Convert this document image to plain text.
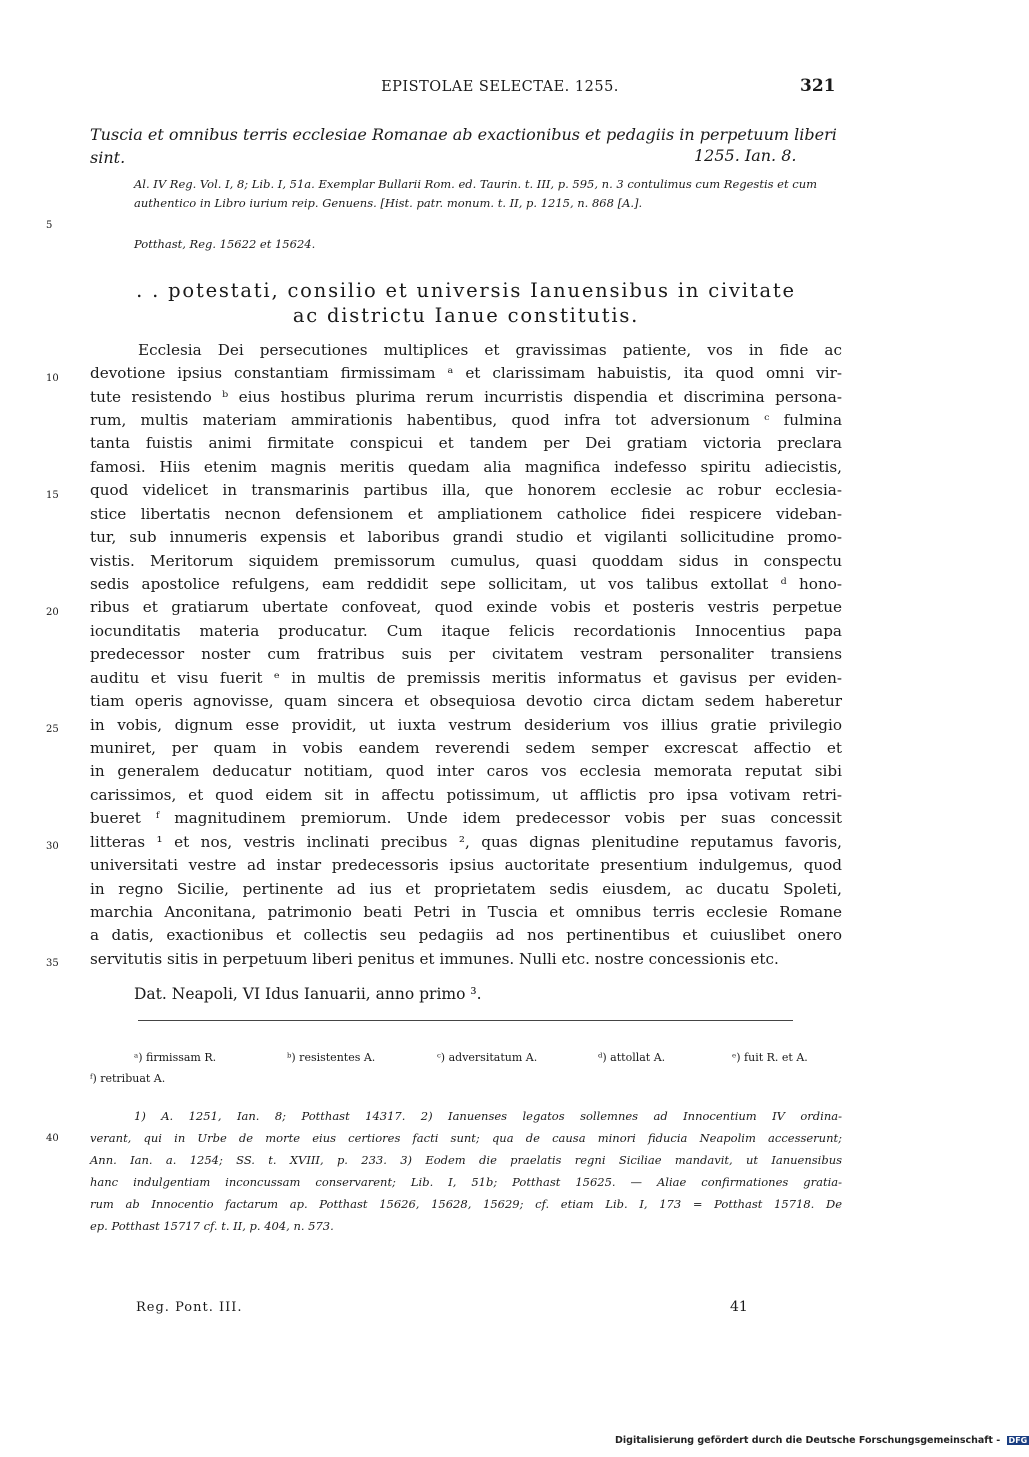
EPISTOLAE SELECTAE. 1255.	321
Tuscia et omnibus terris ecclesiae Romanae ab exactionibus et pedagiis in perpetuum liberi sint.	1255. Ian. 8.
Al. IV Reg. Vol. I, 8; Lib. I, 51a. Exemplar Bullarii Rom. ed. Taurin. t. III, p. 595, n. 3 contulimus cum Regestis et cum authentico in Libro iurium reip. Genuens. [Hist. patr. monum. t. II, p. 1215, n. 868 [A.].
Potthast, Reg. 15622 et 15624.
5
10
15
20
25
30
35
40
. . potestati, consilio et universis Ianuensibus in civitate
ac districtu Ianue constitutis.
Ecclesia Dei persecutiones multiplices et gravissimas patiente, vos in fide ac
devotione ipsius constantiam firmissimam ᵃ et clarissimam habuistis, ita quod omni vir-
tute resistendo ᵇ eius hostibus plurima rerum incurristis dispendia et discrimina persona-
rum, multis materiam ammirationis habentibus, quod infra tot adversionum ᶜ fulmina
tanta fuistis animi firmitate conspicui et tandem per Dei gratiam victoria preclara
famosi. Hiis etenim magnis meritis quedam alia magnifica indefesso spiritu adiecistis,
quod videlicet in transmarinis partibus illa, que honorem ecclesie ac robur ecclesia-
stice libertatis necnon defensionem et ampliationem catholice fidei respicere videban-
tur, sub innumeris expensis et laboribus grandi studio et vigilanti sollicitudine promo-
vistis. Meritorum siquidem premissorum cumulus, quasi quoddam sidus in conspectu
sedis apostolice refulgens, eam reddidit sepe sollicitam, ut vos talibus extollat ᵈ hono-
ribus et gratiarum ubertate confoveat, quod exinde vobis et posteris vestris perpetue
iocunditatis materia producatur. Cum itaque felicis recordationis Innocentius papa
predecessor noster cum fratribus suis per civitatem vestram personaliter transiens
auditu et visu fuerit ᵉ in multis de premissis meritis informatus et gavisus per eviden-
tiam operis agnovisse, quam sincera et obsequiosa devotio circa dictam sedem haberetur
in vobis, dignum esse providit, ut iuxta vestrum desiderium vos illius gratie privilegio
muniret, per quam in vobis eandem reverendi sedem semper excrescat affectio et
in generalem deducatur notitiam, quod inter caros vos ecclesia memorata reputat sibi
carissimos, et quod eidem sit in affectu potissimum, ut afflictis pro ipsa votivam retri-
bueret ᶠ magnitudinem premiorum. Unde idem predecessor vobis per suas concessit
litteras ¹ et nos, vestris inclinati precibus ², quas dignas plenitudine reputamus favoris,
universitati vestre ad instar predecessoris ipsius auctoritate presentium indulgemus, quod
in regno Sicilie, pertinente ad ius et proprietatem sedis eiusdem, ac ducatu Spoleti,
marchia Anconitana, patrimonio beati Petri in Tuscia et omnibus terris ecclesie Romane
a datis, exactionibus et collectis seu pedagiis ad nos pertinentibus et cuiuslibet onero
servitutis sitis in perpetuum liberi penitus et immunes. Nulli etc. nostre concessionis etc.
Dat. Neapoli, VI Idus Ianuarii, anno primo ³.
ᵃ) firmissam R.	ᵇ) resistentes A.	ᶜ) adversitatum A.	ᵈ) attollat A.	ᵉ) fuit R. et A.
ᶠ) retribuat A.
1) A. 1251, Ian. 8; Potthast 14317. 2) Ianuenses legatos sollemnes ad Innocentium IV ordina-
verant, qui in Urbe de morte eius certiores facti sunt; qua de causa minori fiducia Neapolim accesserunt;
Ann. Ian. a. 1254; SS. t. XVIII, p. 233. 3) Eodem die praelatis regni Siciliae mandavit, ut Ianuensibus
hanc indulgentiam inconcussam conservarent; Lib. I, 51b; Potthast 15625. — Aliae confirmationes gratia-
rum ab Innocentio factarum ap. Potthast 15626, 15628, 15629; cf. etiam Lib. I, 173 = Potthast 15718. De
ep. Potthast 15717 cf. t. II, p. 404, n. 573.
Reg. Pont. III.	41
Digitalisierung gefördert durch die Deutsche Forschungsgemeinschaft - DFG
